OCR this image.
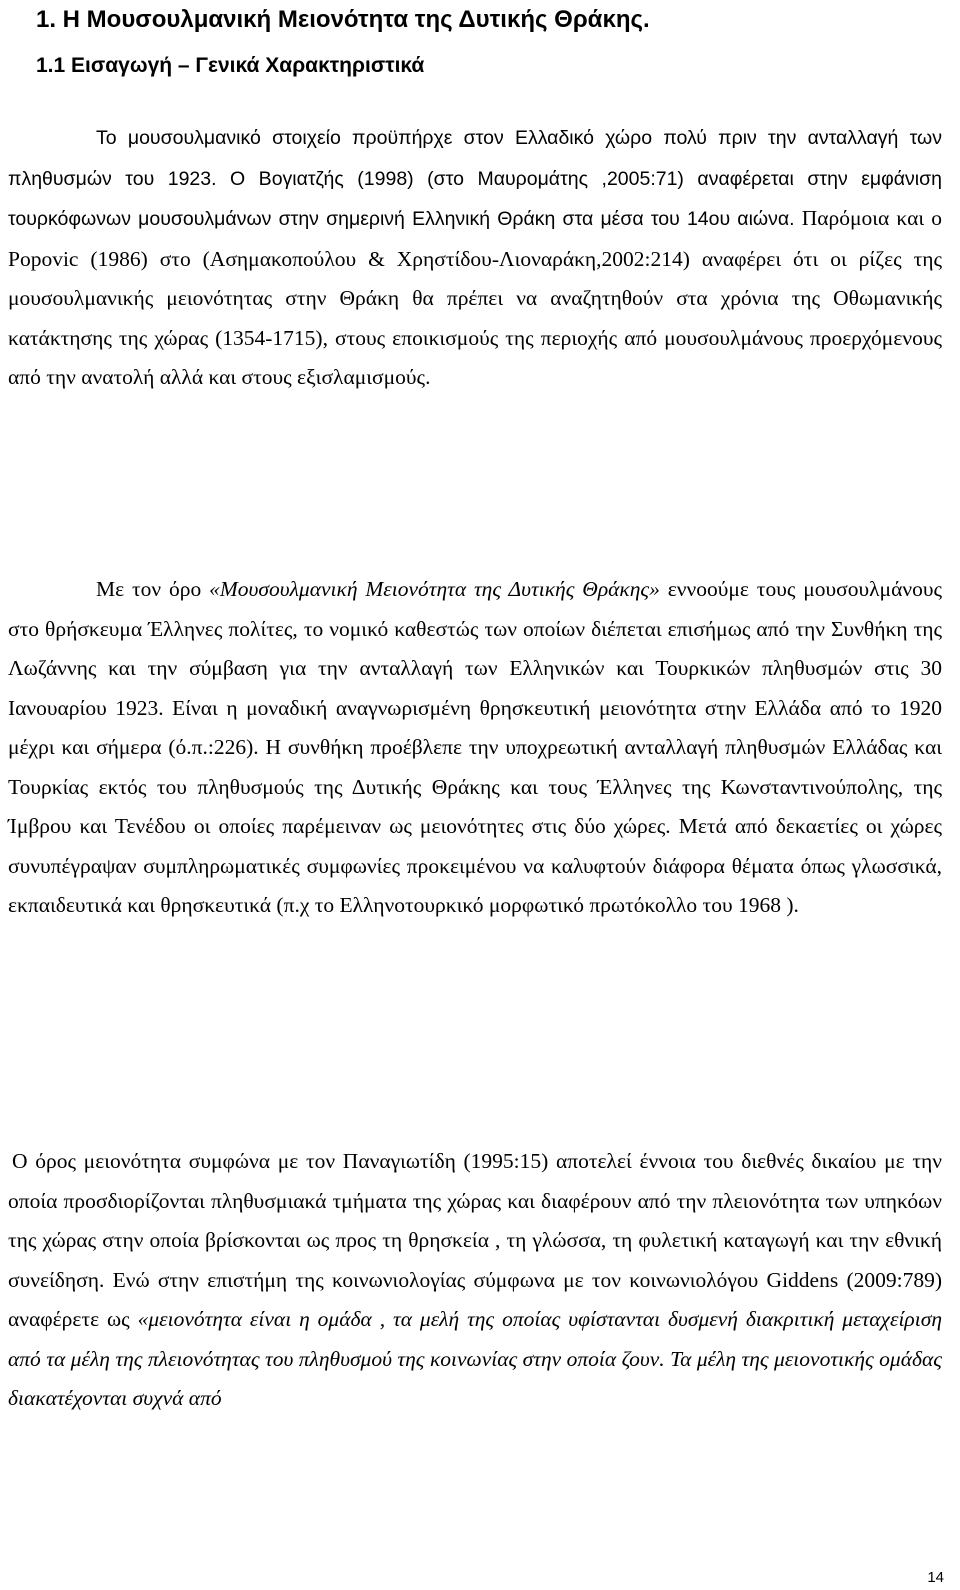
1. Η Μουσουλμανική Μειονότητα της Δυτικής Θράκης.
1.1 Εισαγωγή – Γενικά Χαρακτηριστικά

Το μουσουλμανικό στοιχείο προϋπήρχε στον Ελλαδικό χώρο πολύ πριν την ανταλλαγή των πληθυσμών του 1923. Ο Βογιατζής (1998) (στο Μαυρομάτης ,2005:71) αναφέρεται στην εμφάνιση τουρκόφωνων μουσουλμάνων στην σημερινή Ελληνική Θράκη στα μέσα του 14ου αιώνα. Παρόμοια και ο Popovic (1986) στο (Ασημακοπούλου & Χρηστίδου-Λιοναράκη,2002:214) αναφέρει ότι οι ρίζες της μουσουλμανικής μειονότητας στην Θράκη θα πρέπει να αναζητηθούν στα χρόνια της Οθωμανικής κατάκτησης της χώρας (1354-1715), στους εποικισμούς της περιοχής από μουσουλμάνους προερχόμενους από την ανατολή αλλά και στους εξισλαμισμούς.

Με τον όρο «Μουσουλμανική Μειονότητα της Δυτικής Θράκης» εννοούμε τους μουσουλμάνους στο θρήσκευμα Έλληνες πολίτες, το νομικό καθεστώς των οποίων διέπεται επισήμως από την Συνθήκη της Λωζάννης και την σύμβαση για την ανταλλαγή των Ελληνικών και Τουρκικών πληθυσμών στις 30 Ιανουαρίου 1923. Είναι η μοναδική αναγνωρισμένη θρησκευτική μειονότητα στην Ελλάδα από το 1920 μέχρι και σήμερα (ό.π.:226). Η συνθήκη προέβλεπε την υποχρεωτική ανταλλαγή πληθυσμών Ελλάδας και Τουρκίας εκτός του πληθυσμούς της Δυτικής Θράκης και τους Έλληνες της Κωνσταντινούπολης, της Ίμβρου και Τενέδου οι οποίες παρέμειναν ως μειονότητες στις δύο χώρες. Μετά από δεκαετίες οι χώρες συνυπέγραψαν συμπληρωματικές συμφωνίες προκειμένου να καλυφτούν διάφορα θέματα όπως γλωσσικά, εκπαιδευτικά και θρησκευτικά (π.χ το Ελληνοτουρκικό μορφωτικό πρωτόκολλο του 1968 ).

Ο όρος μειονότητα συμφώνα με τον Παναγιωτίδη (1995:15) αποτελεί έννοια του διεθνές δικαίου με την οποία προσδιορίζονται πληθυσμιακά τμήματα της χώρας και διαφέρουν από την πλειονότητα των υπηκόων της χώρας στην οποία βρίσκονται ως προς τη θρησκεία , τη γλώσσα, τη φυλετική καταγωγή και την εθνική συνείδηση. Ενώ στην επιστήμη της κοινωνιολογίας σύμφωνα με τον κοινωνιολόγου Giddens (2009:789) αναφέρετε ως «μειονότητα είναι η ομάδα , τα μελή της οποίας υφίστανται δυσμενή διακριτική μεταχείριση από τα μέλη της πλειονότητας του πληθυσμού της κοινωνίας στην οποία ζουν. Τα μέλη της μειονοτικής ομάδας διακατέχονται συχνά από

14
